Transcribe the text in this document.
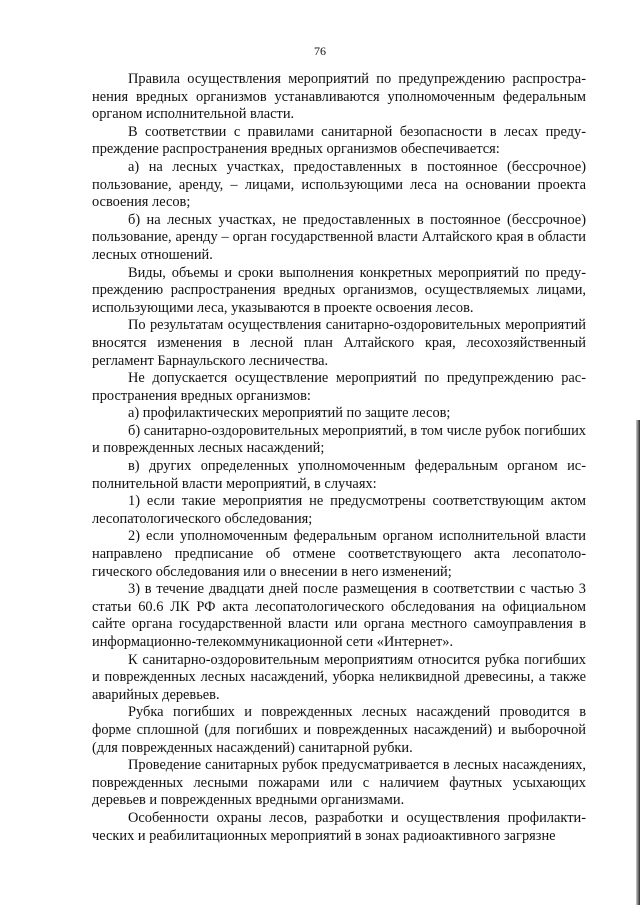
76

Правила осуществления мероприятий по предупреждению распространения вредных организмов устанавливаются уполномоченным федеральным органом исполнительной власти.

В соответствии с правилами санитарной безопасности в лесах предупреждение распространения вредных организмов обеспечивается:

а) на лесных участках, предоставленных в постоянное (бессрочное) пользование, аренду, – лицами, использующими леса на основании проекта освоения лесов;

б) на лесных участках, не предоставленных в постоянное (бессрочное) пользование, аренду – орган государственной власти Алтайского края в области лесных отношений.

Виды, объемы и сроки выполнения конкретных мероприятий по предупреждению распространения вредных организмов, осуществляемых лицами, использующими леса, указываются в проекте освоения лесов.

По результатам осуществления санитарно-оздоровительных мероприятий вносятся изменения в лесной план Алтайского края, лесохозяйственный регламент Барнаульского лесничества.

Не допускается осуществление мероприятий по предупреждению распространения вредных организмов:

а) профилактических мероприятий по защите лесов;

б) санитарно-оздоровительных мероприятий, в том числе рубок погибших и поврежденных лесных насаждений;

в) других определенных уполномоченным федеральным органом исполнительной власти мероприятий, в случаях:

1) если такие мероприятия не предусмотрены соответствующим актом лесопатологического обследования;

2) если уполномоченным федеральным органом исполнительной власти направлено предписание об отмене соответствующего акта лесопатологического обследования или о внесении в него изменений;

3) в течение двадцати дней после размещения в соответствии с частью 3 статьи 60.6 ЛК РФ акта лесопатологического обследования на официальном сайте органа государственной власти или органа местного самоуправления в информационно-телекоммуникационной сети «Интернет».

К санитарно-оздоровительным мероприятиям относится рубка погибших и поврежденных лесных насаждений, уборка неликвидной древесины, а также аварийных деревьев.

Рубка погибших и поврежденных лесных насаждений проводится в форме сплошной (для погибших и поврежденных насаждений) и выборочной (для поврежденных насаждений) санитарной рубки.

Проведение санитарных рубок предусматривается в лесных насаждениях, поврежденных лесными пожарами или с наличием фаутных усыхающих деревьев и поврежденных вредными организмами.

Особенности охраны лесов, разработки и осуществления профилактических и реабилитационных мероприятий в зонах радиоактивного загрязне
